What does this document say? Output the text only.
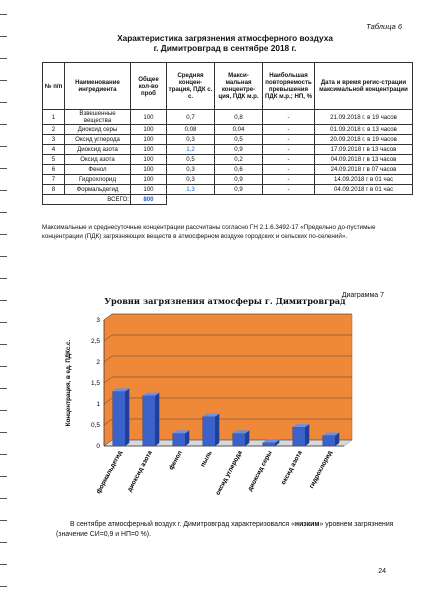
Таблица 6
Характеристика загрязнения атмосферного воздуха
г. Димитровград в сентябре 2018 г.
№ п/п	Наименование ингредиента	Общее кол-во проб	Средняя концен-трация, ПДК с. с.	Макси-мальная концентре-ция, ПДК м.р.	Наибольшая повторяемость превышения ПДК м.р.; НП, %	Дата и время регис-страции максимальной концентрации
1	Взвешенные вещества	100	0,7	0,8	-	21.09.2018 г. в 19 часов
2	Диоксид серы	100	0,08	0,04	-	01.09.2018 г. в 13 часов
3	Оксид углерода	100	0,3	0,5	-	20.09.2018 г. в 19 часов
4	Диоксид азота	100	1,2	0,9	-	17.09.2018 г в 13 часов
5	Оксид азота	100	0,5	0,2	-	04.09.2018 г в 13 часов
6	Фенол	100	0,3	0,6	-	24.09.2018 г в 07 часов
7	Гидрохлорид	100	0,3	0,9	-	14.09.2018 г в 01 час
8	Формальдегид	100	1,3	0,9	-	04.09.2018 г в 01 час
ВСЕГО:		800				
Максимальные и среднесуточные концентрации рассчитаны согласно ГН 2.1.6.3492-17 «Предельно до-пустимые концентрации (ПДК) загрязняющих веществ в атмосферном воздухе городских и сельских по-селений».
Уровни загрязнения атмосферы г. Димитровград
Диаграмма 7
0
0,5
1
1,5
2
2,5
3
Концентрация, в ед. ПДКс.с.
формальдегид диоксид азота фенол пыль оксид углерода диоксид серы оксид азота гидрохлорид
В сентябре атмосферный воздух г. Димитровград характеризовался «низким» уровнем загрязнения (значение СИ=0,9 и НП=0 %).
24
